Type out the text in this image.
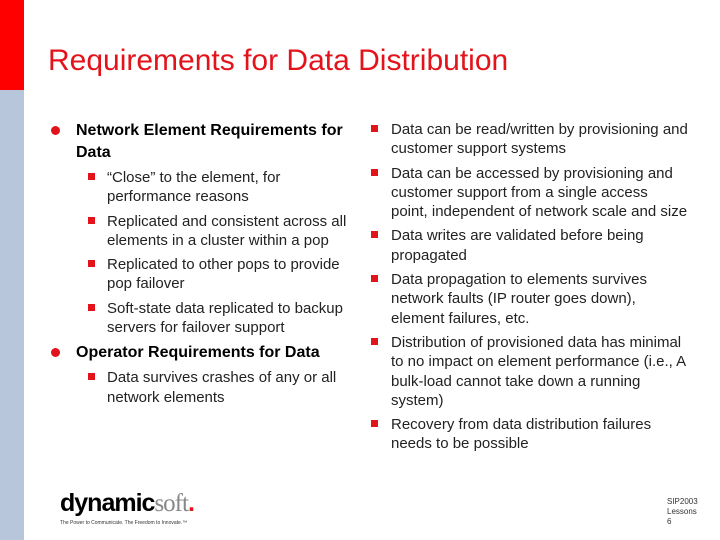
Requirements for Data Distribution
Network Element Requirements for Data
“Close” to the element, for performance reasons
Replicated and consistent across all elements in a cluster within a pop
Replicated to other pops to provide pop failover
Soft-state data replicated to backup servers for failover support
Operator Requirements for Data
Data survives crashes of any or all network elements
Data can be read/written by provisioning and customer support systems
Data can be accessed by provisioning and customer support from a single access point, independent of network scale and size
Data writes are validated before being propagated
Data propagation to elements survives network faults (IP router goes down), element failures, etc.
Distribution of provisioned data has minimal to no impact on element performance (i.e., A bulk-load cannot take down a running system)
Recovery from data distribution failures needs to be possible
dynamicsoft.
The Power to Communicate. The Freedom to Innovate.™
SIP2003
Lessons
6
